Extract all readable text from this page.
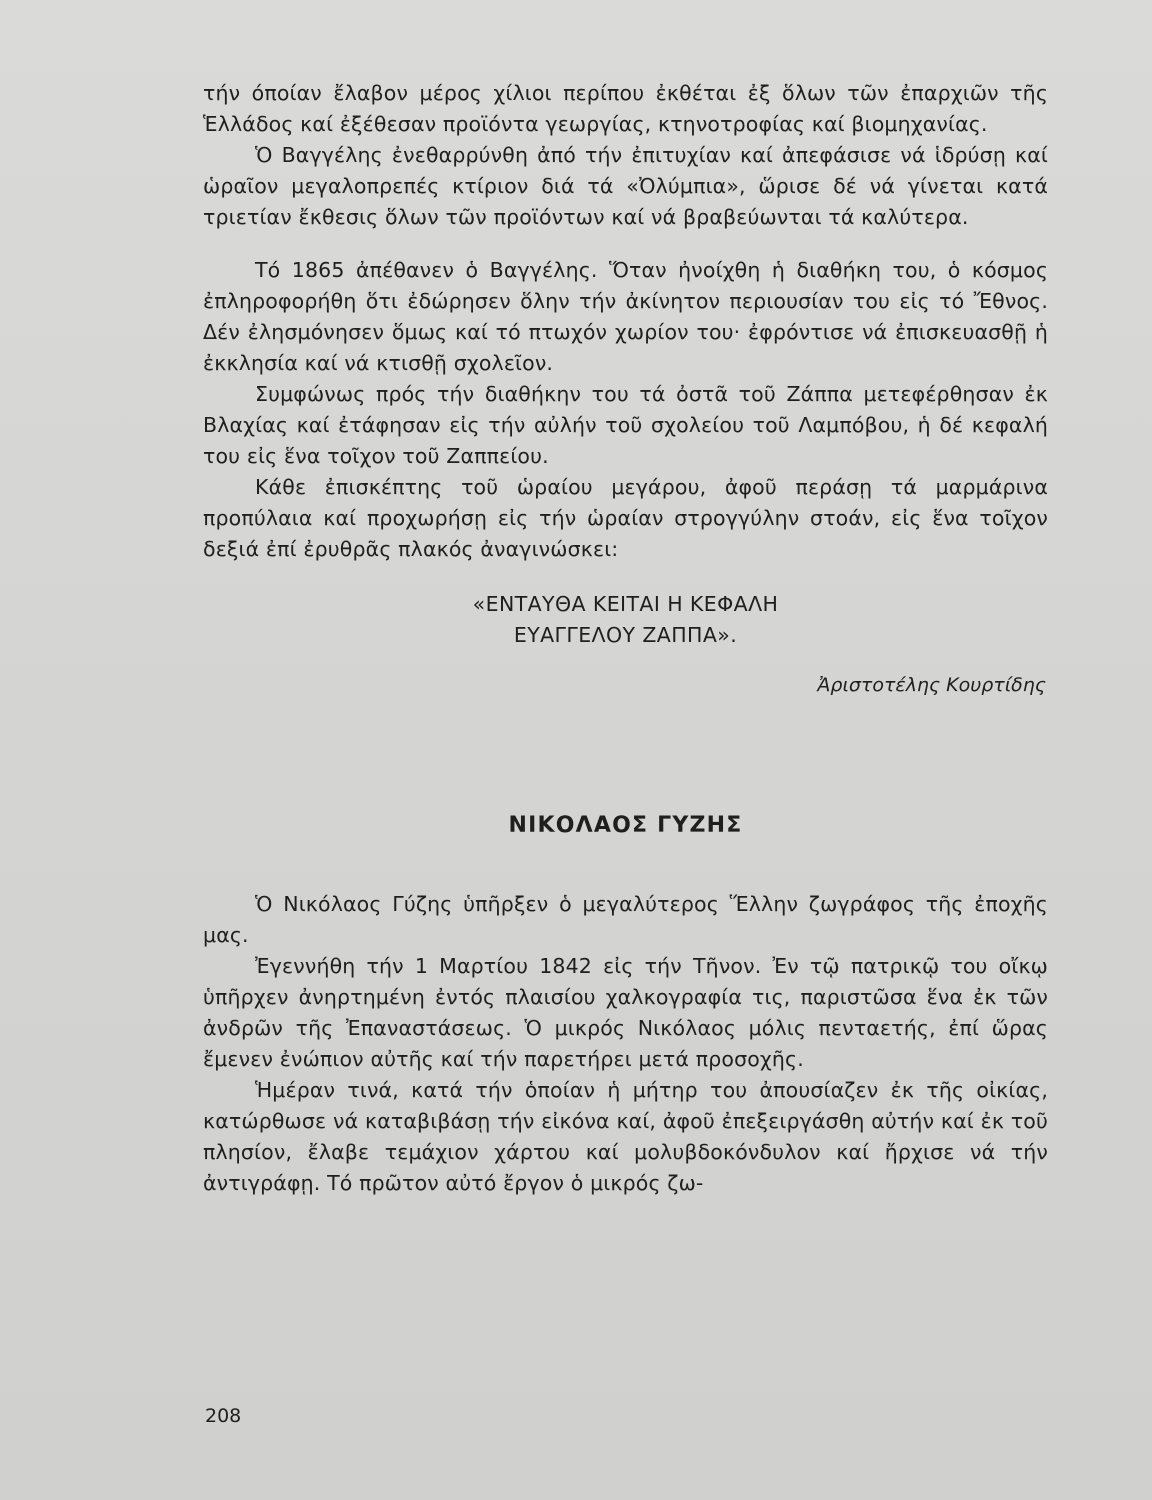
τήν όποίαν ἔλαβον μέρος χίλιοι περίπου ἐκθέται ἐξ ὅλων τῶν ἐπαρχιῶν τῆς Ἑλλάδος καί ἐξέθεσαν προϊόντα γεωργίας, κτηνοτροφίας καί βιομηχανίας.

Ὁ Βαγγέλης ἐνεθαρρύνθη ἀπό τήν ἐπιτυχίαν καί ἀπεφάσισε νά ἱδρύσῃ καί ὡραῖον μεγαλοπρεπές κτίριον διά τά «Ὀλύμπια», ὥρισε δέ νά γίνεται κατά τριετίαν ἔκθεσις ὅλων τῶν προϊόντων καί νά βραβεύωνται τά καλύτερα.

Τό 1865 ἀπέθανεν ὁ Βαγγέλης. Ὅταν ἠνοίχθη ἡ διαθήκη του, ὁ κόσμος ἐπληροφορήθη ὅτι ἐδώρησεν ὅλην τήν ἀκίνητον περιουσίαν του εἰς τό Ἔθνος. Δέν ἐλησμόνησεν ὅμως καί τό πτωχόν χωρίον του· ἐφρόντισε νά ἐπισκευασθῇ ἡ ἐκκλησία καί νά κτισθῇ σχολεῖον.

Συμφώνως πρός τήν διαθήκην του τά ὀστᾶ τοῦ Ζάππα μετεφέρθησαν ἐκ Βλαχίας καί ἐτάφησαν εἰς τήν αὐλήν τοῦ σχολείου τοῦ Λαμπόβου, ἡ δέ κεφαλή του εἰς ἕνα τοῖχον τοῦ Ζαππείου.

Κάθε ἐπισκέπτης τοῦ ὡραίου μεγάρου, ἀφοῦ περάσῃ τά μαρμάρινα προπύλαια καί προχωρήσῃ εἰς τήν ὡραίαν στρογγύλην στοάν, εἰς ἕνα τοῖχον δεξιά ἐπί ἐρυθρᾶς πλακός ἀναγινώσκει:

«ΕΝΤΑΥΘΑ ΚΕΙΤΑΙ Η ΚΕΦΑΛΗ
ΕΥΑΓΓΕΛΟΥ ΖΑΠΠΑ».

Ἀριστοτέλης Κουρτίδης

ΝΙΚΟΛΑΟΣ ΓΥΖΗΣ

Ὁ Νικόλαος Γύζης ὑπῆρξεν ὁ μεγαλύτερος Ἕλλην ζωγράφος τῆς ἐποχῆς μας.

Ἐγεννήθη τήν 1 Μαρτίου 1842 εἰς τήν Τῆνον. Ἐν τῷ πατρικῷ του οἴκῳ ὑπῆρχεν ἀνηρτημένη ἐντός πλαισίου χαλκογραφία τις, παριστῶσα ἕνα ἐκ τῶν ἀνδρῶν τῆς Ἐπαναστάσεως. Ὁ μικρός Νικόλαος μόλις πενταετής, ἐπί ὥρας ἔμενεν ἐνώπιον αὐτῆς καί τήν παρετήρει μετά προσοχῆς.

Ἡμέραν τινά, κατά τήν ὁποίαν ἡ μήτηρ του ἀπουσίαζεν ἐκ τῆς οἰκίας, κατώρθωσε νά καταβιβάσῃ τήν εἰκόνα καί, ἀφοῦ ἐπεξειργάσθη αὐτήν καί ἐκ τοῦ πλησίον, ἔλαβε τεμάχιον χάρτου καί μολυβδοκόνδυλον καί ἤρχισε νά τήν ἀντιγράφῃ. Τό πρῶτον αὐτό ἔργον ὁ μικρός ζω-

208
